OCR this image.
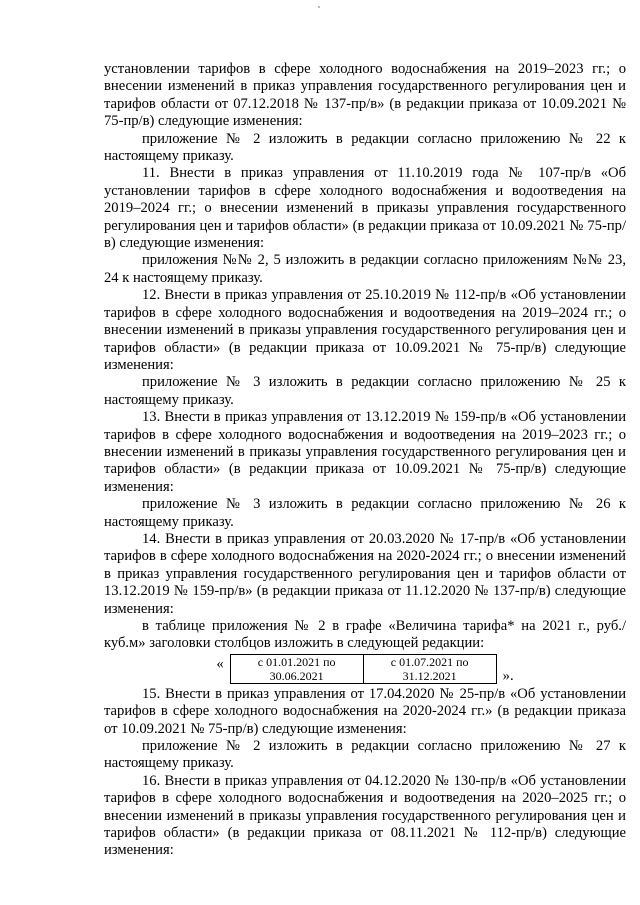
установлении тарифов в сфере холодного водоснабжения на 2019–2023 гг.; о внесении изменений в приказ управления государственного регулирования цен и тарифов области от 07.12.2018 № 137-пр/в» (в редакции приказа от 10.09.2021 № 75-пр/в) следующие изменения:

приложение № 2 изложить в редакции согласно приложению № 22 к настоящему приказу.

11. Внести в приказ управления от 11.10.2019 года № 107-пр/в «Об установлении тарифов в сфере холодного водоснабжения и водоотведения на 2019–2024 гг.; о внесении изменений в приказы управления государственного регулирования цен и тарифов области» (в редакции приказа от 10.09.2021 № 75-пр/в) следующие изменения:

приложения №№ 2, 5 изложить в редакции согласно приложениям №№ 23, 24 к настоящему приказу.

12. Внести в приказ управления от 25.10.2019 № 112-пр/в «Об установлении тарифов в сфере холодного водоснабжения и водоотведения на 2019–2024 гг.; о внесении изменений в приказы управления государственного регулирования цен и тарифов области» (в редакции приказа от 10.09.2021 № 75-пр/в) следующие изменения:

приложение № 3 изложить в редакции согласно приложению № 25 к настоящему приказу.

13. Внести в приказ управления от 13.12.2019 № 159-пр/в «Об установлении тарифов в сфере холодного водоснабжения и водоотведения на 2019–2023 гг.; о внесении изменений в приказы управления государственного регулирования цен и тарифов области» (в редакции приказа от 10.09.2021 № 75-пр/в) следующие изменения:

приложение № 3 изложить в редакции согласно приложению № 26 к настоящему приказу.

14. Внести в приказ управления от 20.03.2020 № 17-пр/в «Об установлении тарифов в сфере холодного водоснабжения на 2020-2024 гг.; о внесении изменений в приказ управления государственного регулирования цен и тарифов области от 13.12.2019 № 159-пр/в» (в редакции приказа от 11.12.2020 № 137-пр/в) следующие изменения:

в таблице приложения № 2 в графе «Величина тарифа* на 2021 г., руб./куб.м» заголовки столбцов изложить в следующей редакции:

«	с 01.01.2021 по 30.06.2021
с 01.07.2021 по 31.12.2021	».

15. Внести в приказ управления от 17.04.2020 № 25-пр/в «Об установлении тарифов в сфере холодного водоснабжения на 2020-2024 гг.» (в редакции приказа от 10.09.2021 № 75-пр/в) следующие изменения:

приложение № 2 изложить в редакции согласно приложению № 27 к настоящему приказу.

16. Внести в приказ управления от 04.12.2020 № 130-пр/в «Об установлении тарифов в сфере холодного водоснабжения и водоотведения на 2020–2025 гг.; о внесении изменений в приказы управления государственного регулирования цен и тарифов области» (в редакции приказа от 08.11.2021 № 112-пр/в) следующие изменения:
